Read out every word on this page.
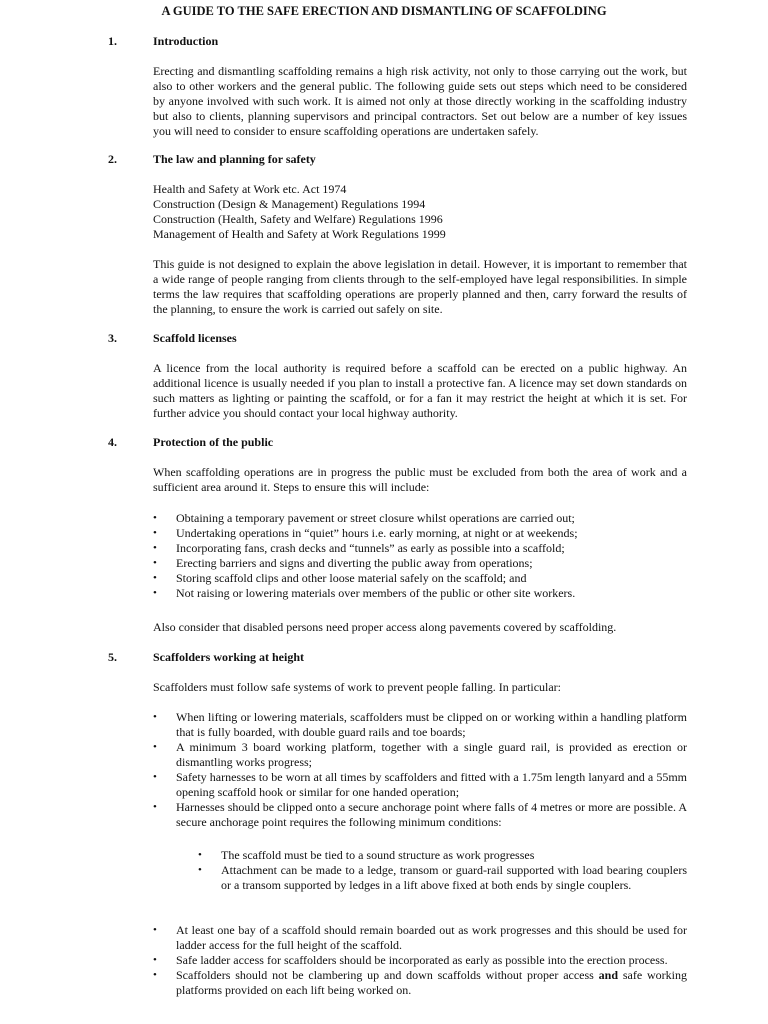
A GUIDE TO THE SAFE ERECTION AND DISMANTLING OF SCAFFOLDING
1.	Introduction

Erecting and dismantling scaffolding remains a high risk activity, not only to those carrying out the work, but also to other workers and the general public. The following guide sets out steps which need to be considered by anyone involved with such work. It is aimed not only at those directly working in the scaffolding industry but also to clients, planning supervisors and principal contractors. Set out below are a number of key issues you will need to consider to ensure scaffolding operations are undertaken safely.

2.	The law and planning for safety
Health and Safety at Work etc. Act 1974
Construction (Design & Management) Regulations 1994
Construction (Health, Safety and Welfare) Regulations 1996
Management of Health and Safety at Work Regulations 1999

This guide is not designed to explain the above legislation in detail. However, it is important to remember that a wide range of people ranging from clients through to the self-employed have legal responsibilities. In simple terms the law requires that scaffolding operations are properly planned and then, carry forward the results of the planning, to ensure the work is carried out safely on site.

3.	Scaffold licenses

A licence from the local authority is required before a scaffold can be erected on a public highway. An additional licence is usually needed if you plan to install a protective fan. A licence may set down standards on such matters as lighting or painting the scaffold, or for a fan it may restrict the height at which it is set. For further advice you should contact your local highway authority.

4.	Protection of the public

When scaffolding operations are in progress the public must be excluded from both the area of work and a sufficient area around it. Steps to ensure this will include:

• Obtaining a temporary pavement or street closure whilst operations are carried out;
• Undertaking operations in “quiet” hours i.e. early morning, at night or at weekends;
• Incorporating fans, crash decks and “tunnels” as early as possible into a scaffold;
• Erecting barriers and signs and diverting the public away from operations;
• Storing scaffold clips and other loose material safely on the scaffold; and
• Not raising or lowering materials over members of the public or other site workers.

Also consider that disabled persons need proper access along pavements covered by scaffolding.

5.	Scaffolders working at height

Scaffolders must follow safe systems of work to prevent people falling. In particular:

• When lifting or lowering materials, scaffolders must be clipped on or working within a handling platform that is fully boarded, with double guard rails and toe boards;
• A minimum 3 board working platform, together with a single guard rail, is provided as erection or dismantling works progress;
• Safety harnesses to be worn at all times by scaffolders and fitted with a 1.75m length lanyard and a 55mm opening scaffold hook or similar for one handed operation;
• Harnesses should be clipped onto a secure anchorage point where falls of 4 metres or more are possible. A secure anchorage point requires the following minimum conditions:
• The scaffold must be tied to a sound structure as work progresses
• Attachment can be made to a ledge, transom or guard-rail supported with load bearing couplers or a transom supported by ledges in a lift above fixed at both ends by single couplers.
• At least one bay of a scaffold should remain boarded out as work progresses and this should be used for ladder access for the full height of the scaffold.
• Safe ladder access for scaffolders should be incorporated as early as possible into the erection process.
• Scaffolders should not be clambering up and down scaffolds without proper access and safe working platforms provided on each lift being worked on.
